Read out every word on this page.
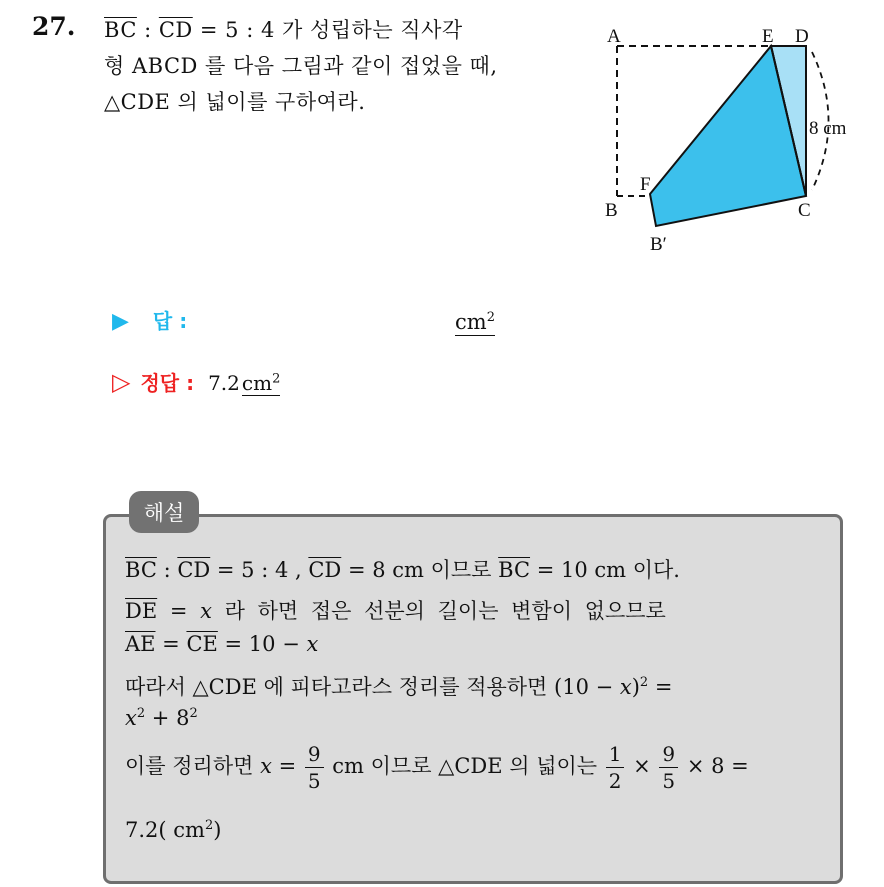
27. $\overline{BC}$ : $\overline{CD} = 5$ : 4 가 성립하는 직사각
형 ABCD 를 다음 그림과 같이 접었을 때,
△CDE 의 넓이를 구하여라.
A	E D
F
B	C
B′
8 cm
▶ 답 :	$cm^2$
▷ 정답 : 7.2 $cm^2$
해설
$\overline{BC}$ : $\overline{CD} = 5$ : 4 , $\overline{CD} = 8$ cm 이므로 $\overline{BC} = 10$ cm 이다.
$\overline{DE} = x$ 라 하면 접은 선분의 길이는 변함이 없으므로
$\overline{AE} = \overline{CE} = 10 - x$
따라서 △CDE 에 피타고라스 정리를 적용하면 $(10 - x)^2$ =
$x^2 + 8^2$
이를 정리하면 $x = \frac{9}{5}$ cm 이므로 △CDE 의 넓이는 $\frac{1}{2} \times \frac{9}{5} \times 8$ =
7.2( $cm^2$)
